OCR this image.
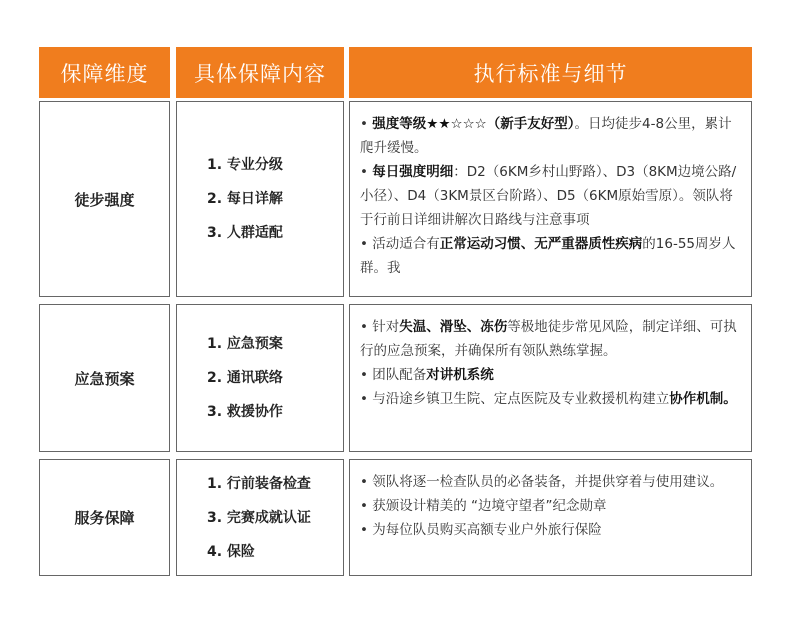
保障维度	具体保障内容	执行标准与细节
徒步强度
1. 专业分级
2. 每日详解
3. 人群适配

• 强度等级★★☆☆☆（新手友好型）。日均徒步4-8公里，累计爬升缓慢。

• 每日强度明细：D2（6KM乡村山野路）、D3（8KM边境公路/小径）、D4（3KM景区台阶路）、D5（6KM原始雪原）。领队将于行前日详细讲解次日路线与注意事项

• 活动适合有正常运动习惯、无严重器质性疾病的16-55周岁人群。我

应急预案
1. 应急预案
2. 通讯联络
3. 救援协作

• 针对失温、滑坠、冻伤等极地徒步常见风险，制定详细、可执行的应急预案，并确保所有领队熟练掌握。

• 团队配备对讲机系统

• 与沿途乡镇卫生院、定点医院及专业救援机构建立协作机制。

服务保障
1. 行前装备检查
3. 完赛成就认证
4. 保险

• 领队将逐一检查队员的必备装备，并提供穿着与使用建议。

• 获颁设计精美的 “边境守望者”纪念勋章

• 为每位队员购买高额专业户外旅行保险
